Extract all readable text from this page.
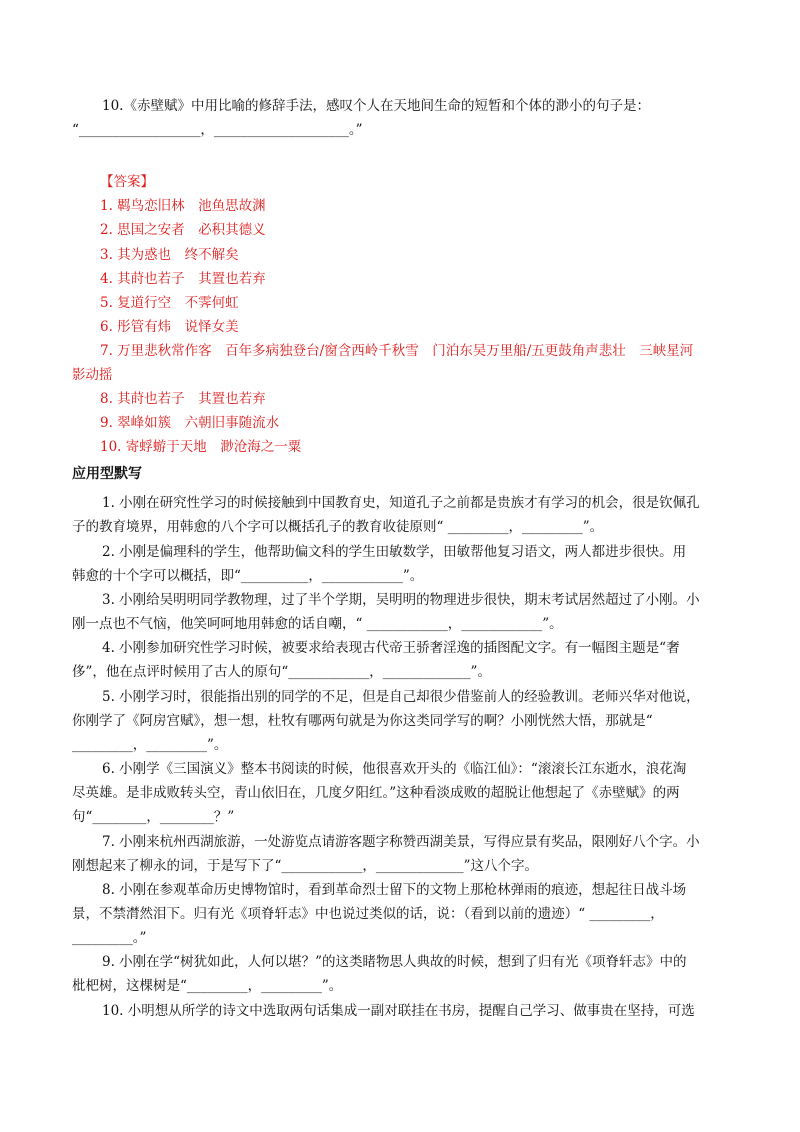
10.《赤壁赋》中用比喻的修辞手法，感叹个人在天地间生命的短暂和个体的渺小的句子是：
“__________________，____________________。”
【答案】
1. 羁鸟恋旧林　池鱼思故渊
2. 思国之安者　必积其德义
3. 其为惑也　终不解矣
4. 其莳也若子　其置也若弃
5. 复道行空　不霁何虹
6. 彤管有炜　说怿女美
7. 万里悲秋常作客　百年多病独登台/窗含西岭千秋雪　门泊东吴万里船/五更鼓角声悲壮　三峡星河
影动摇
8. 其莳也若子　其置也若弃
9. 翠峰如簇　六朝旧事随流水
10. 寄蜉蝣于天地　渺沧海之一粟
应用型默写
1. 小刚在研究性学习的时候接触到中国教育史，知道孔子之前都是贵族才有学习的机会，很是钦佩孔
子的教育境界，用韩愈的八个字可以概括孔子的教育收徒原则“ _________，_________”。
2. 小刚是偏理科的学生，他帮助偏文科的学生田敏数学，田敏帮他复习语文，两人都进步很快。用
韩愈的十个字可以概括，即“__________，____________”。
3. 小刚给吴明明同学教物理，过了半个学期，吴明明的物理进步很快，期末考试居然超过了小刚。小
刚一点也不气恼，他笑呵呵地用韩愈的话自嘲，“ ____________，____________”。
4. 小刚参加研究性学习时候，被要求给表现古代帝王骄奢淫逸的插图配文字。有一幅图主题是“奢
侈”，他在点评时候用了古人的原句“____________，_____________”。
5. 小刚学习时，很能指出别的同学的不足，但是自己却很少借鉴前人的经验教训。老师兴华对他说，
你刚学了《阿房宫赋》，想一想，杜牧有哪两句就是为你这类同学写的啊？小刚恍然大悟，那就是“
_________，_________”。
6. 小刚学《三国演义》整本书阅读的时候，他很喜欢开头的《临江仙》：“滚滚长江东逝水，浪花淘
尽英雄。是非成败转头空，青山依旧在，几度夕阳红。”这种看淡成败的超脱让他想起了《赤壁赋》的两
句“________，________？”
7. 小刚来杭州西湖旅游，一处游览点请游客题字称赞西湖美景，写得应景有奖品，限刚好八个字。小
刚想起来了柳永的词，于是写下了“____________，_____________”这八个字。
8. 小刚在参观革命历史博物馆时，看到革命烈士留下的文物上那枪林弹雨的痕迹，想起往日战斗场
景，不禁潸然泪下。归有光《项脊轩志》中也说过类似的话，说：（看到以前的遗迹）“ _________，
_________。”
9. 小刚在学“树犹如此，人何以堪？”的这类睹物思人典故的时候，想到了归有光《项脊轩志》中的
枇杷树，这棵树是“_________，_________”。
10. 小明想从所学的诗文中选取两句话集成一副对联挂在书房，提醒自己学习、做事贵在坚持，可选
